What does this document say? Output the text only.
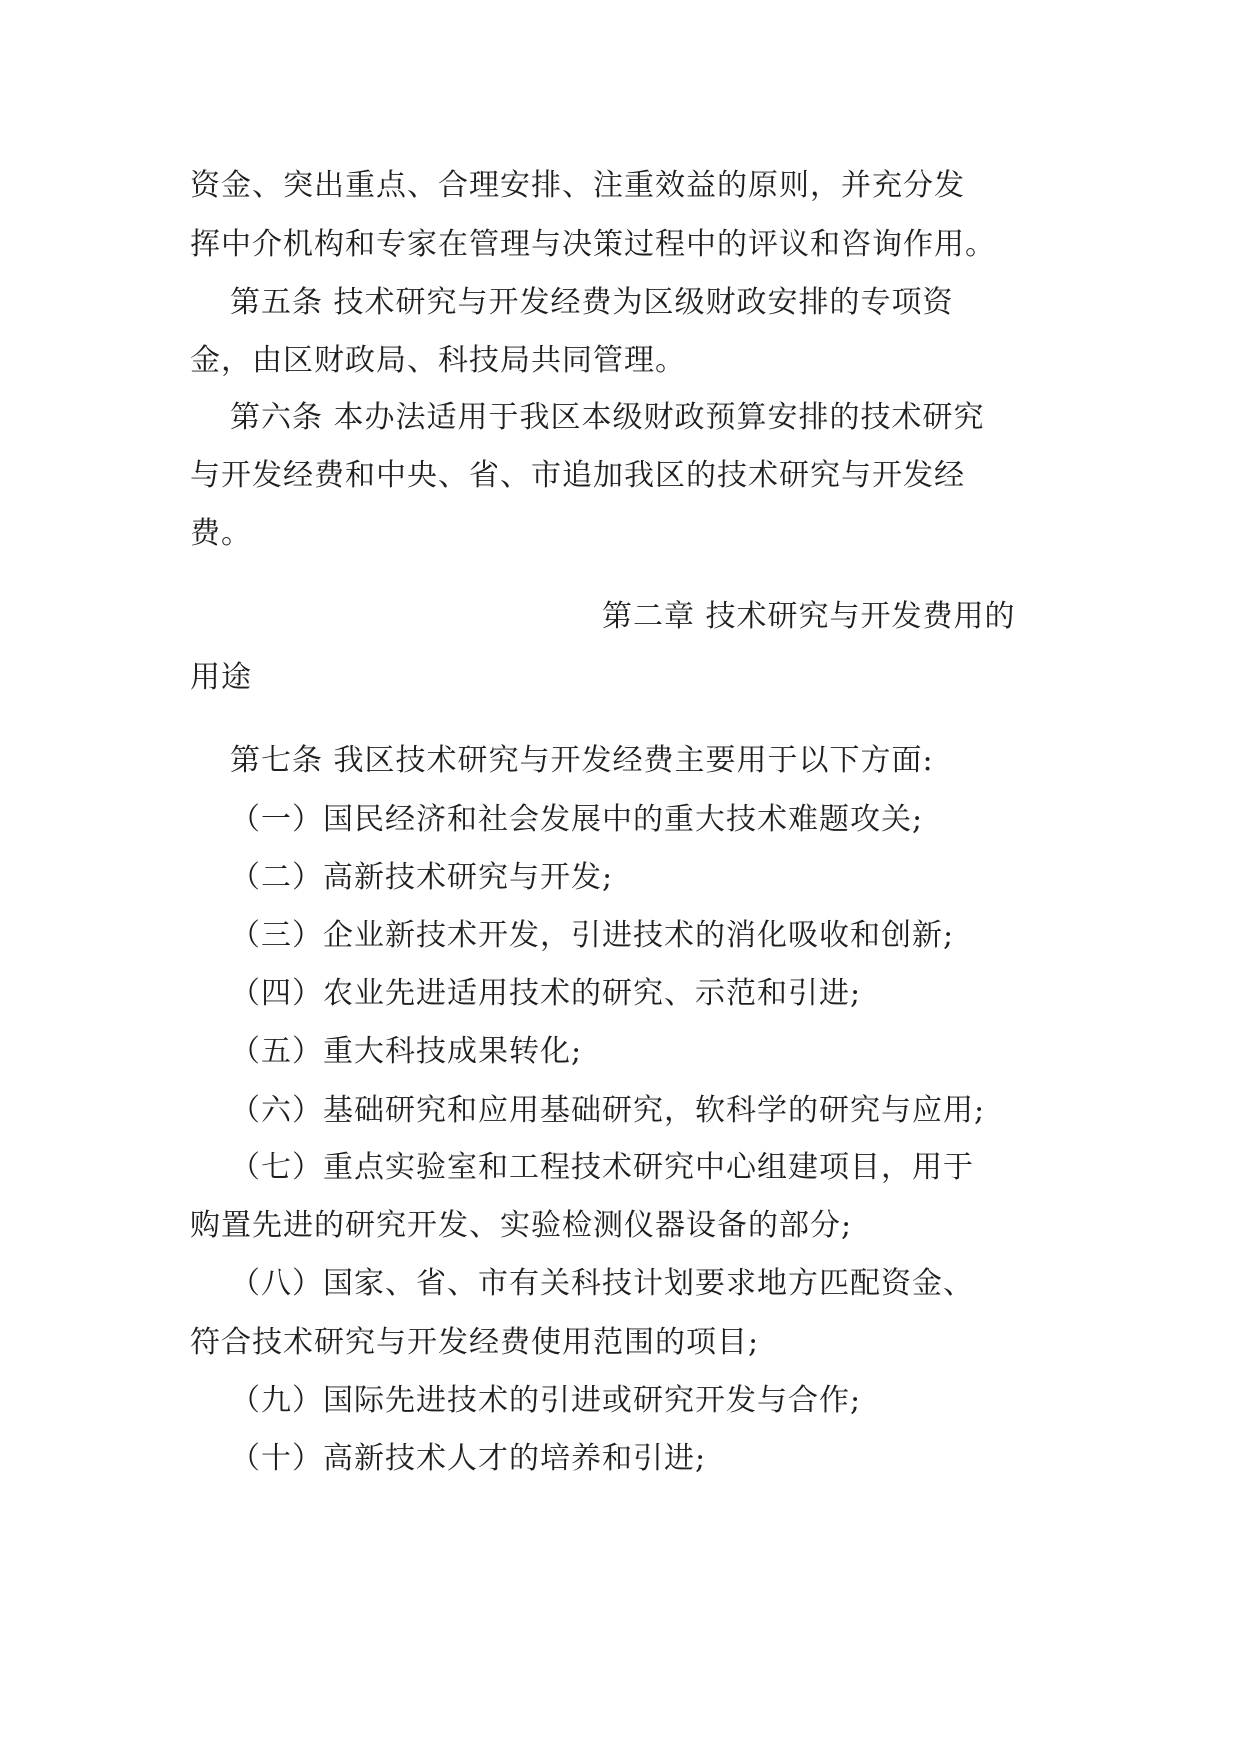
资金、突出重点、合理安排、注重效益的原则，并充分发
挥中介机构和专家在管理与决策过程中的评议和咨询作用。
第五条 技术研究与开发经费为区级财政安排的专项资
金，由区财政局、科技局共同管理。
第六条 本办法适用于我区本级财政预算安排的技术研究
与开发经费和中央、省、市追加我区的技术研究与开发经
费。
第二章 技术研究与开发费用的
用途
第七条 我区技术研究与开发经费主要用于以下方面:
（一）国民经济和社会发展中的重大技术难题攻关;
（二）高新技术研究与开发;
（三）企业新技术开发，引进技术的消化吸收和创新;
（四）农业先进适用技术的研究、示范和引进;
（五）重大科技成果转化;
（六）基础研究和应用基础研究，软科学的研究与应用;
（七）重点实验室和工程技术研究中心组建项目，用于
购置先进的研究开发、实验检测仪器设备的部分;
（八）国家、省、市有关科技计划要求地方匹配资金、
符合技术研究与开发经费使用范围的项目;
（九）国际先进技术的引进或研究开发与合作;
（十）高新技术人才的培养和引进;
